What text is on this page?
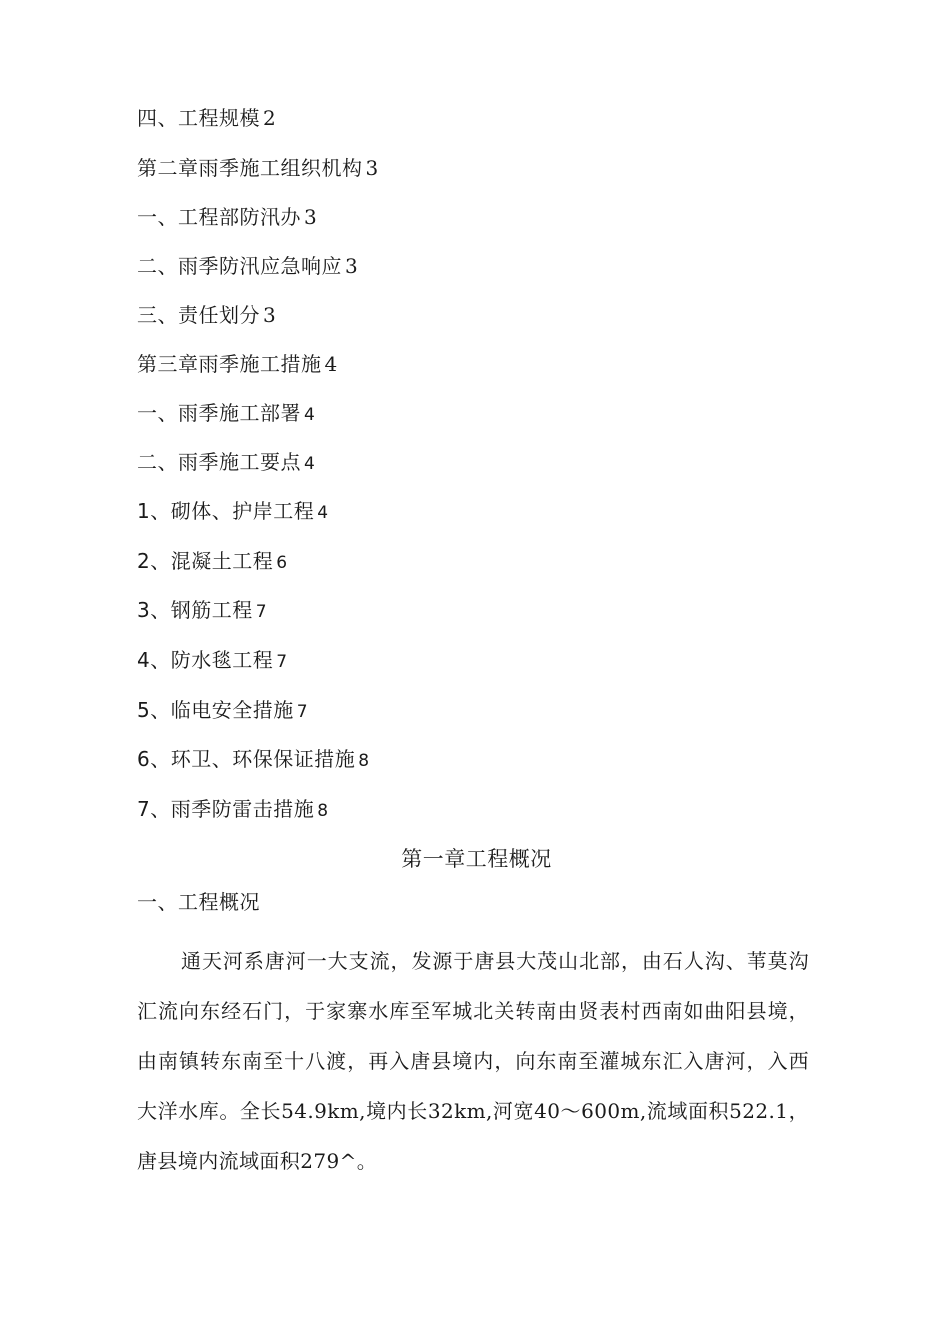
四、工程规模 2
第二章雨季施工组织机构 3
一、工程部防汛办 3
二、雨季防汛应急响应 3
三、责任划分 3
第三章雨季施工措施 4
一、雨季施工部署 4
二、雨季施工要点 4
1、砌体、护岸工程 4
2、混凝土工程 6
3、钢筋工程 7
4、防水毯工程 7
5、临电安全措施 7
6、环卫、环保保证措施 8
7、雨季防雷击措施 8
第一章工程概况
一、工程概况
通天河系唐河一大支流，发源于唐县大茂山北部，由石人沟、苇莫沟汇流向东经石门，于家寨水库至军城北关转南由贤表村西南如曲阳县境，由南镇转东南至十八渡，再入唐县境内，向东南至灌城东汇入唐河，入西大洋水库。全长54.9km,境内长32km,河宽40〜600m,流域面积522.1，唐县境内流域面积279^。
